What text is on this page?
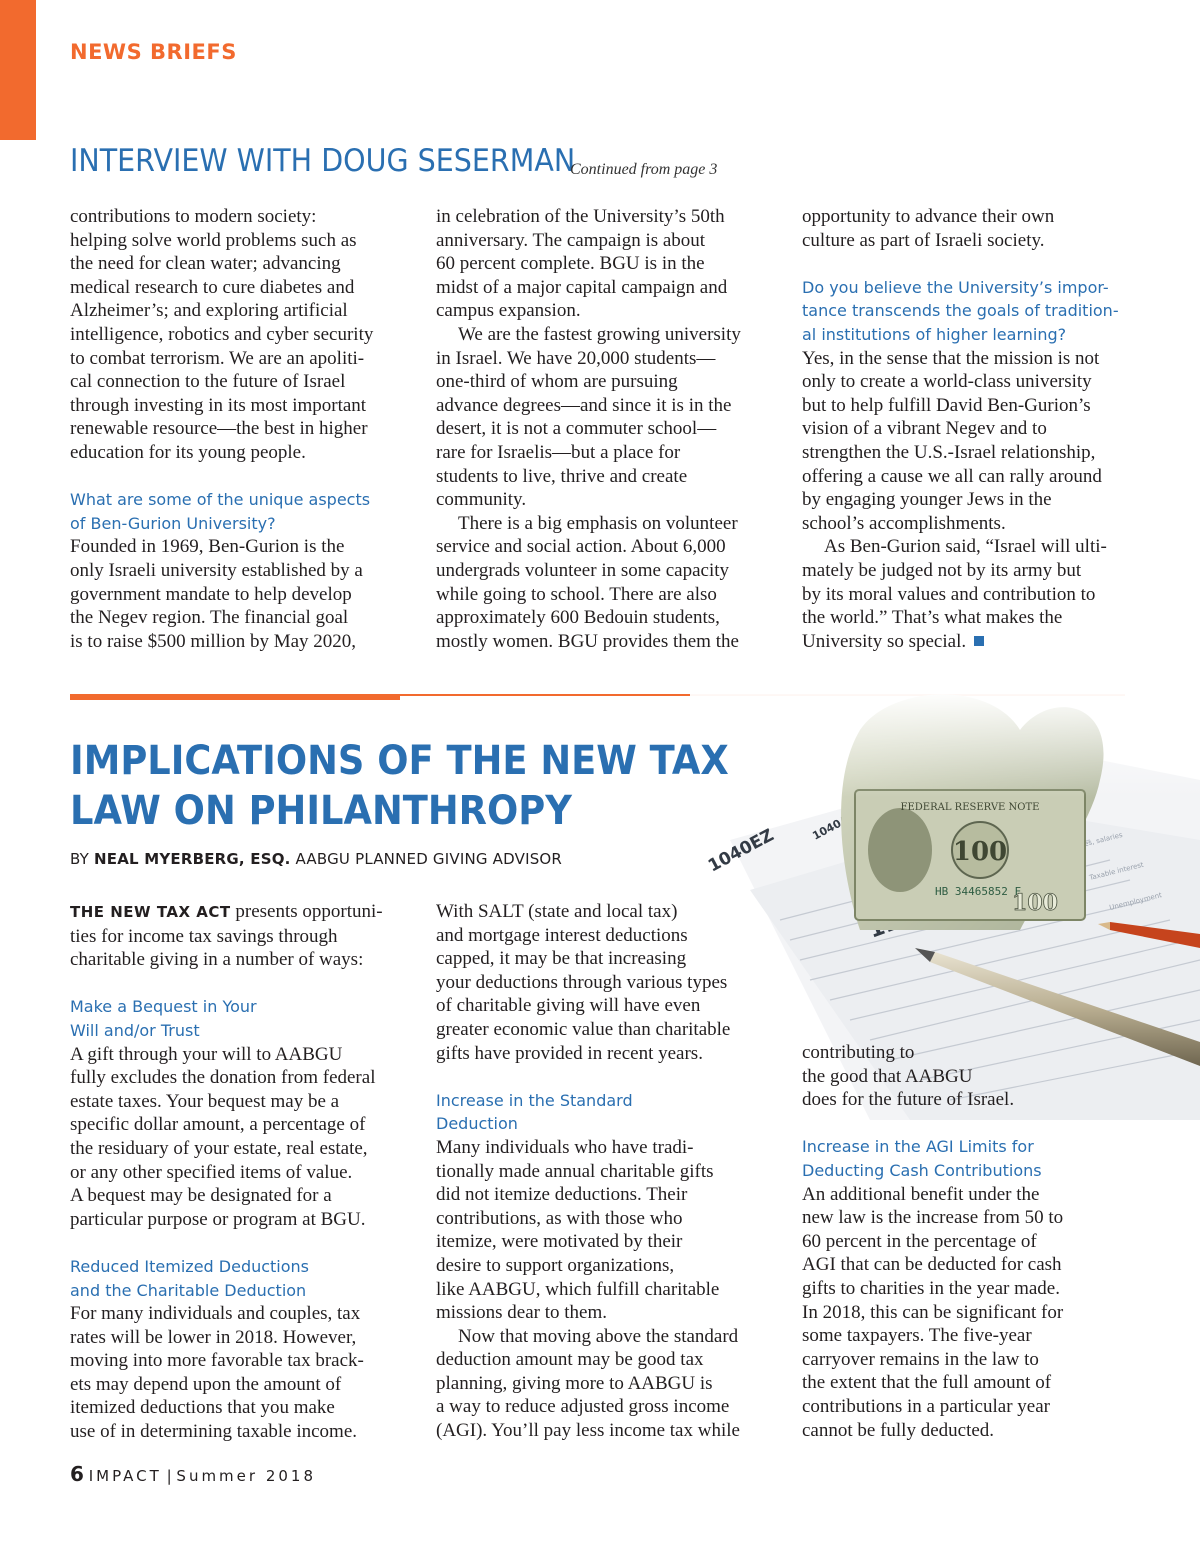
NEWS BRIEFS
INTERVIEW WITH DOUG SESERMAN
Continued from page 3

contributions to modern society:
helping solve world problems such as
the need for clean water; advancing
medical research to cure diabetes and
Alzheimer’s; and exploring artificial
intelligence, robotics and cyber security
to combat terrorism. We are an apoliti-
cal connection to the future of Israel
through investing in its most important
renewable resource—the best in higher
education for its young people.

What are some of the unique aspects
of Ben-Gurion University?

Founded in 1969, Ben-Gurion is the
only Israeli university established by a
government mandate to help develop
the Negev region. The financial goal
is to raise $500 million by May 2020,

in celebration of the University’s 50th
anniversary. The campaign is about
60 percent complete. BGU is in the
midst of a major capital campaign and
campus expansion.

We are the fastest growing university
in Israel. We have 20,000 students—
one-third of whom are pursuing
advance degrees—and since it is in the
desert, it is not a commuter school—
rare for Israelis—but a place for
students to live, thrive and create
community.

There is a big emphasis on volunteer
service and social action. About 6,000
undergrads volunteer in some capacity
while going to school. There are also
approximately 600 Bedouin students,
mostly women. BGU provides them the

opportunity to advance their own
culture as part of Israeli society.

Do you believe the University’s impor-
tance transcends the goals of tradition-
al institutions of higher learning?

Yes, in the sense that the mission is not
only to create a world-class university
but to help fulfill David Ben-Gurion’s
vision of a vibrant Negev and to
strengthen the U.S.-Israel relationship,
offering a cause we all can rally around
by engaging younger Jews in the
school’s accomplishments.

As Ben-Gurion said, “Israel will ulti-
mately be judged not by its army but
by its moral values and contribution to
the world.” That’s what makes the
University so special.

IMPLICATIONS OF THE NEW TAX
LAW ON PHILANTHROPY
BY NEAL MYERBERG, ESQ. AABGU PLANNED GIVING ADVISOR

THE NEW TAX ACT presents opportuni-
ties for income tax savings through
charitable giving in a number of ways:

Make a Bequest in Your
Will and/or Trust

A gift through your will to AABGU
fully excludes the donation from federal
estate taxes. Your bequest may be a
specific dollar amount, a percentage of
the residuary of your estate, real estate,
or any other specified items of value.
A bequest may be designated for a
particular purpose or program at BGU.

Reduced Itemized Deductions
and the Charitable Deduction

For many individuals and couples, tax
rates will be lower in 2018. However,
moving into more favorable tax brack-
ets may depend upon the amount of
itemized deductions that you make
use of in determining taxable income.

With SALT (state and local tax)
and mortgage interest deductions
capped, it may be that increasing
your deductions through various types
of charitable giving will have even
greater economic value than charitable
gifts have provided in recent years.

Increase in the Standard
Deduction

Many individuals who have tradi-
tionally made annual charitable gifts
did not itemize deductions. Their
contributions, as with those who
itemize, were motivated by their
desire to support organizations,
like AABGU, which fulfill charitable
missions dear to them.

Now that moving above the standard
deduction amount may be good tax
planning, giving more to AABGU is
a way to reduce adjusted gross income
(AGI). You’ll pay less income tax while

contributing to
the good that AABGU
does for the future of Israel.

Increase in the AGI Limits for
Deducting Cash Contributions

An additional benefit under the
new law is the increase from 50 to
60 percent in the percentage of
AGI that can be deducted for cash
gifts to charities in the year made.
In 2018, this can be significant for
some taxpayers. The five-year
carryover remains in the law to
the extent that the full amount of
contributions in a particular year
cannot be fully deducted.

6 IMPACT | Summer 2018
